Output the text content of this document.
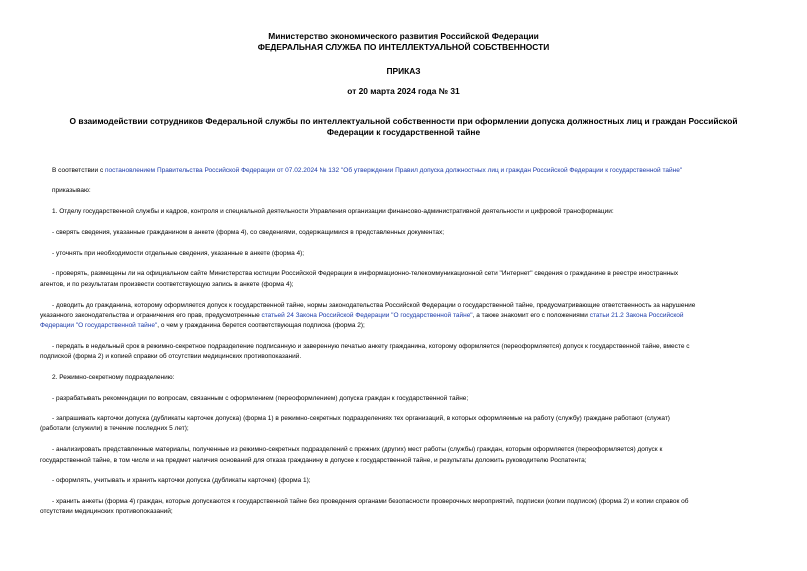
Министерство экономического развития Российской Федерации
ФЕДЕРАЛЬНАЯ СЛУЖБА ПО ИНТЕЛЛЕКТУАЛЬНОЙ СОБСТВЕННОСТИ
ПРИКАЗ
от 20 марта 2024 года № 31
О взаимодействии сотрудников Федеральной службы по интеллектуальной собственности при оформлении допуска должностных лиц и граждан Российской
Федерации к государственной тайне
В соответствии с постановлением Правительства Российской Федерации от 07.02.2024 № 132 "Об утверждении Правил допуска должностных лиц и граждан Российской Федерации к государственной тайне"
приказываю:
1. Отделу государственной службы и кадров, контроля и специальной деятельности Управления организации финансово-административной деятельности и цифровой трансформации:
- сверять сведения, указанные гражданином в анкете (форма 4), со сведениями, содержащимися в представленных документах;
- уточнять при необходимости отдельные сведения, указанные в анкете (форма 4);
- проверять, размещены ли на официальном сайте Министерства юстиции Российской Федерации в информационно-телекоммуникационной сети "Интернет" сведения о гражданине в реестре иностранных
агентов, и по результатам произвести соответствующую запись в анкете (форма 4);
- доводить до гражданина, которому оформляется допуск к государственной тайне, нормы законодательства Российской Федерации о государственной тайне, предусматривающие ответственность за нарушение
указанного законодательства и ограничения его прав, предусмотренные статьей 24 Закона Российской Федерации "О государственной тайне", а также знакомит его с положениями статьи 21.2 Закона Российской
Федерации "О государственной тайне", о чем у гражданина берется соответствующая подписка (форма 2);
- передать в недельный срок в режимно-секретное подразделение подписанную и заверенную печатью анкету гражданина, которому оформляется (переоформляется) допуск к государственной тайне, вместе с
подпиской (форма 2) и копией справки об отсутствии медицинских противопоказаний.
2. Режимно-секретному подразделению:
- разрабатывать рекомендации по вопросам, связанным с оформлением (переоформлением) допуска граждан к государственной тайне;
- запрашивать карточки допуска (дубликаты карточек допуска) (форма 1) в режимно-секретных подразделениях тех организаций, в которых оформляемые на работу (службу) граждане работают (служат)
(работали (служили) в течение последних 5 лет);
- анализировать представленные материалы, полученные из режимно-секретных подразделений с прежних (других) мест работы (службы) граждан, которым оформляется (переоформляется) допуск к
государственной тайне, в том числе и на предмет наличия оснований для отказа гражданину в допуске к государственной тайне, и результаты доложить руководителю Роспатента;
- оформлять, учитывать и хранить карточки допуска (дубликаты карточек) (форма 1);
- хранить анкеты (форма 4) граждан, которые допускаются к государственной тайне без проведения органами безопасности проверочных мероприятий, подписки (копии подписок) (форма 2) и копии справок об
отсутствии медицинских противопоказаний;
